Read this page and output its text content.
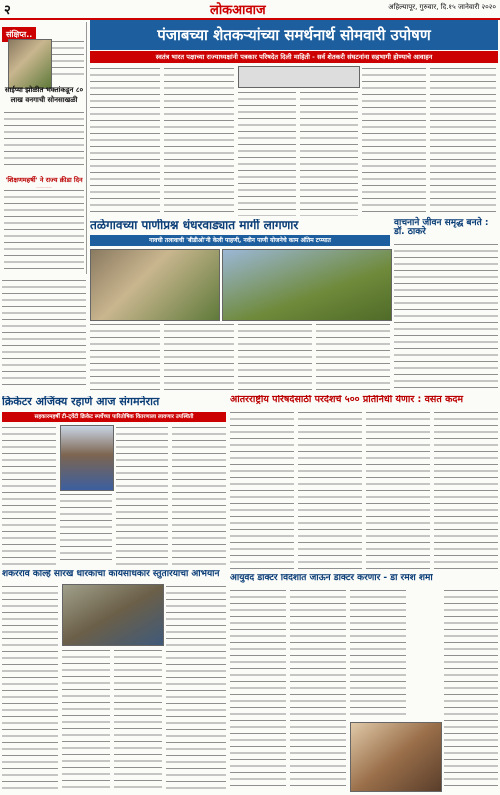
२	लोकआवाज	अहिल्यापूर, गुरुवार, दि.१५ जानेवारी २०२०
संक्षिप्त..
साईप्या झोळीत भक्तांकडून ८० लाख वनगाची सोनसाखळी
'शिक्षणमहर्षी' ने राज्य क्रीडा दिन
पंजाबच्या शेतकऱ्यांच्या समर्थनार्थ सोमवारी उपोषण
स्वतंत्र भारत पक्षाच्या राज्याध्यक्षांनी पत्रकार परिषदेत दिली माहिती - सर्व शेतकरी संघटनांना सहभागी होण्याचे आवाहन
तळेगावच्या पाणीप्रश्न धंधरवाड्यात मार्गी लागणार
गावची तलावाची 'बीडीओ'नी केली पाहणी, नवीन पाणी योजनेचे काम अंतिम टप्प्यात
वाचनाने जीवन समृद्ध बनते : डॉ. ठाकरे
आंतरराष्ट्रीय परिषदेसाठी परदेशचे ५०० प्रतिनिधी येणार : वसंत कदम
क्रिकेटर अजिंक्य रहाणे आज संगमनेरात
सहकारमहर्षी टी-ट्वेंटी क्रिकेट स्पर्धेच्या पारितोषिक वितरणाला लावणार उपस्थिती
शंकरराव कोल्हे सारख धारकाचा कार्यसाधकार स्तुतारयाचा अभियान	आयुर्वेद डॉक्टर विदेशात जाऊन डॉक्टर करणार - डॉ रमेश शर्मा
